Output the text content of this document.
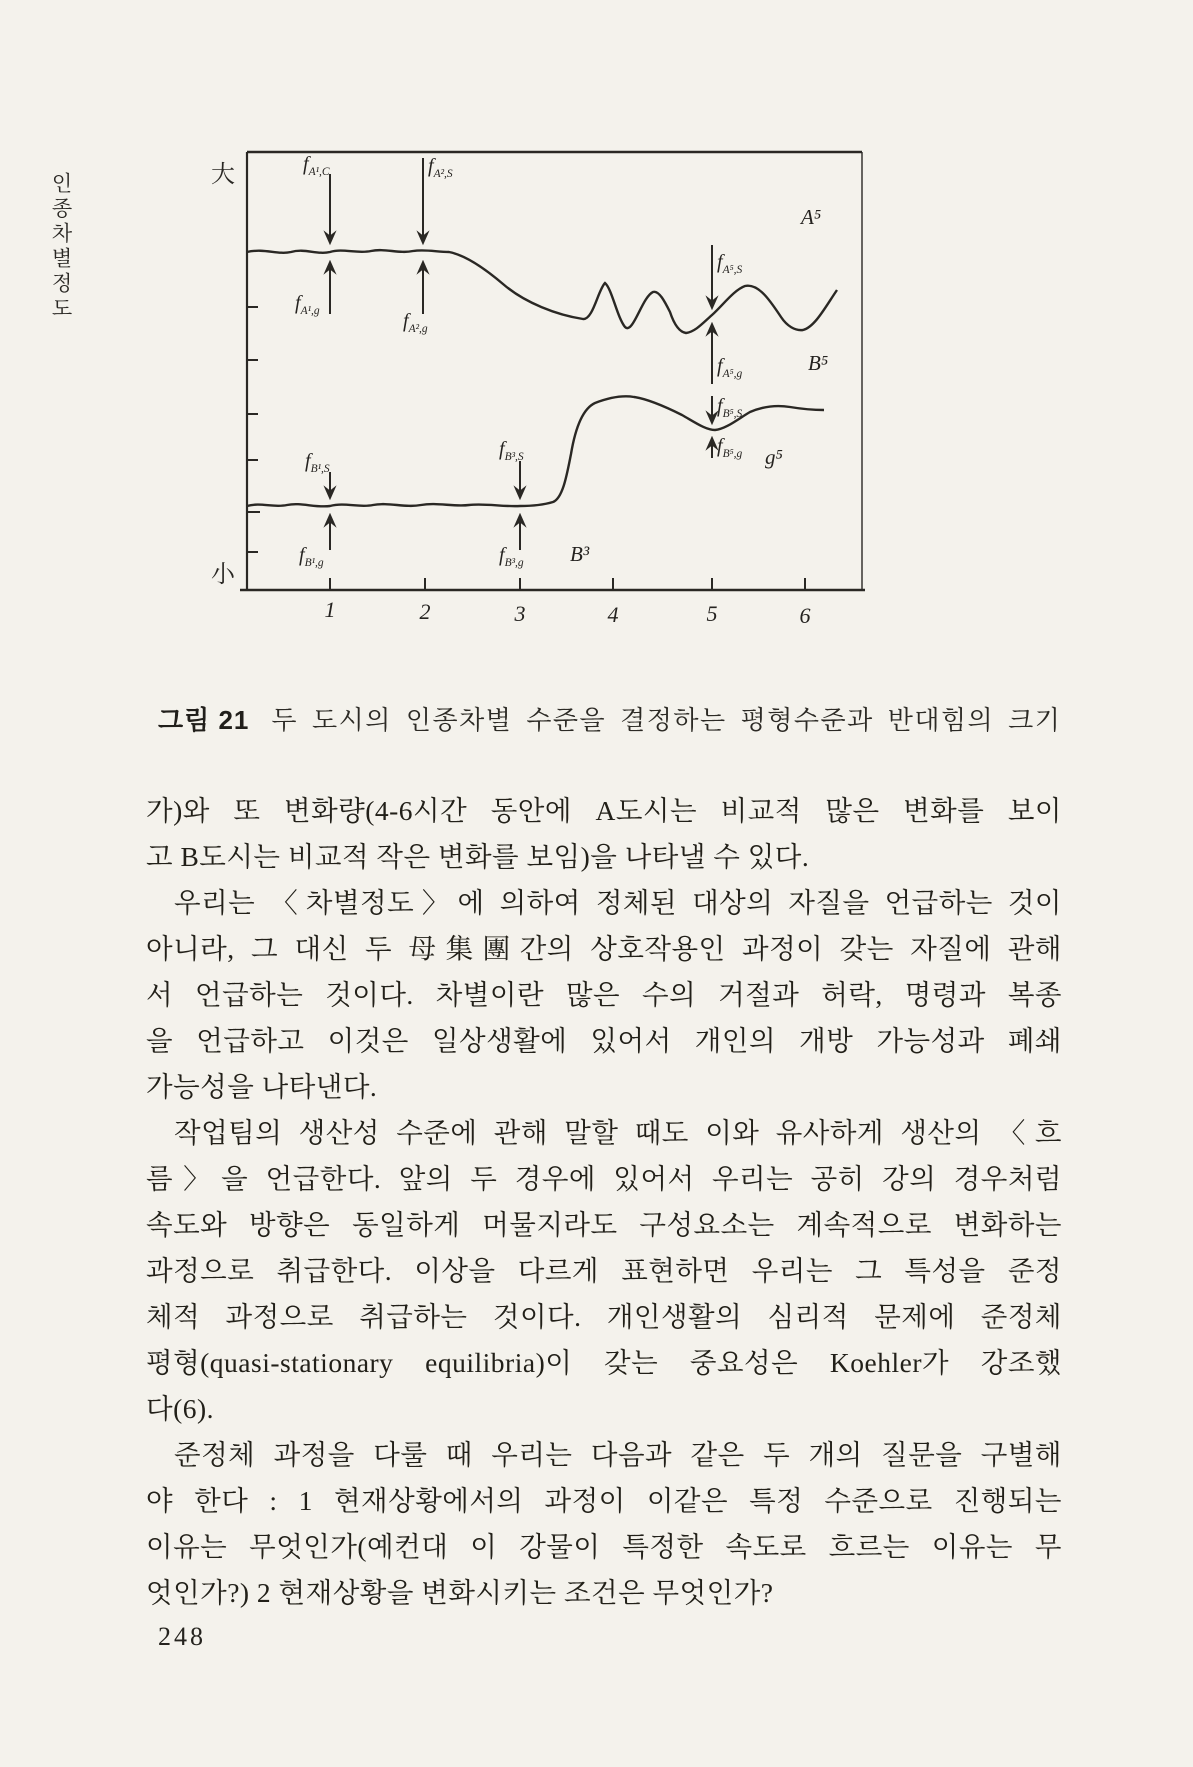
1	2	3	4	5	6
大
小
$f_{A^1,C}$
$f_{A^1,g}$
$f_{A^2,S}$
$f_{A^2,g}$
$f_{A^5,S}$
$f_{A^5,g}$
$f_{B^1,S}$
$f_{B^1,g}$
$f_{B^3,S}$
$f_{B^3,g}$
$f_{B^5,S}$
$f_{B^5,g}$
A⁵
B⁵
g⁵
B³
인종차별정도
그림 21 두 도시의 인종차별 수준을 결정하는 평형수준과 반대힘의 크기
가)와 또 변화량(4-6시간 동안에 A도시는 비교적 많은 변화를 보이
고 B도시는 비교적 작은 변화를 보임)을 나타낼 수 있다.
우리는 〈차별정도〉에 의하여 정체된 대상의 자질을 언급하는 것이
아니라, 그 대신 두 母集團간의 상호작용인 과정이 갖는 자질에 관해
서 언급하는 것이다. 차별이란 많은 수의 거절과 허락, 명령과 복종
을 언급하고 이것은 일상생활에 있어서 개인의 개방 가능성과 폐쇄
가능성을 나타낸다.
작업팀의 생산성 수준에 관해 말할 때도 이와 유사하게 생산의 〈흐
름〉을 언급한다. 앞의 두 경우에 있어서 우리는 공히 강의 경우처럼
속도와 방향은 동일하게 머물지라도 구성요소는 계속적으로 변화하는
과정으로 취급한다. 이상을 다르게 표현하면 우리는 그 특성을 준정
체적 과정으로 취급하는 것이다. 개인생활의 심리적 문제에 준정체
평형(quasi-stationary equilibria)이 갖는 중요성은 Koehler가 강조했
다(6).
준정체 과정을 다룰 때 우리는 다음과 같은 두 개의 질문을 구별해
야 한다 : 1 현재상황에서의 과정이 이같은 특정 수준으로 진행되는
이유는 무엇인가(예컨대 이 강물이 특정한 속도로 흐르는 이유는 무
엇인가?) 2 현재상황을 변화시키는 조건은 무엇인가?
248
